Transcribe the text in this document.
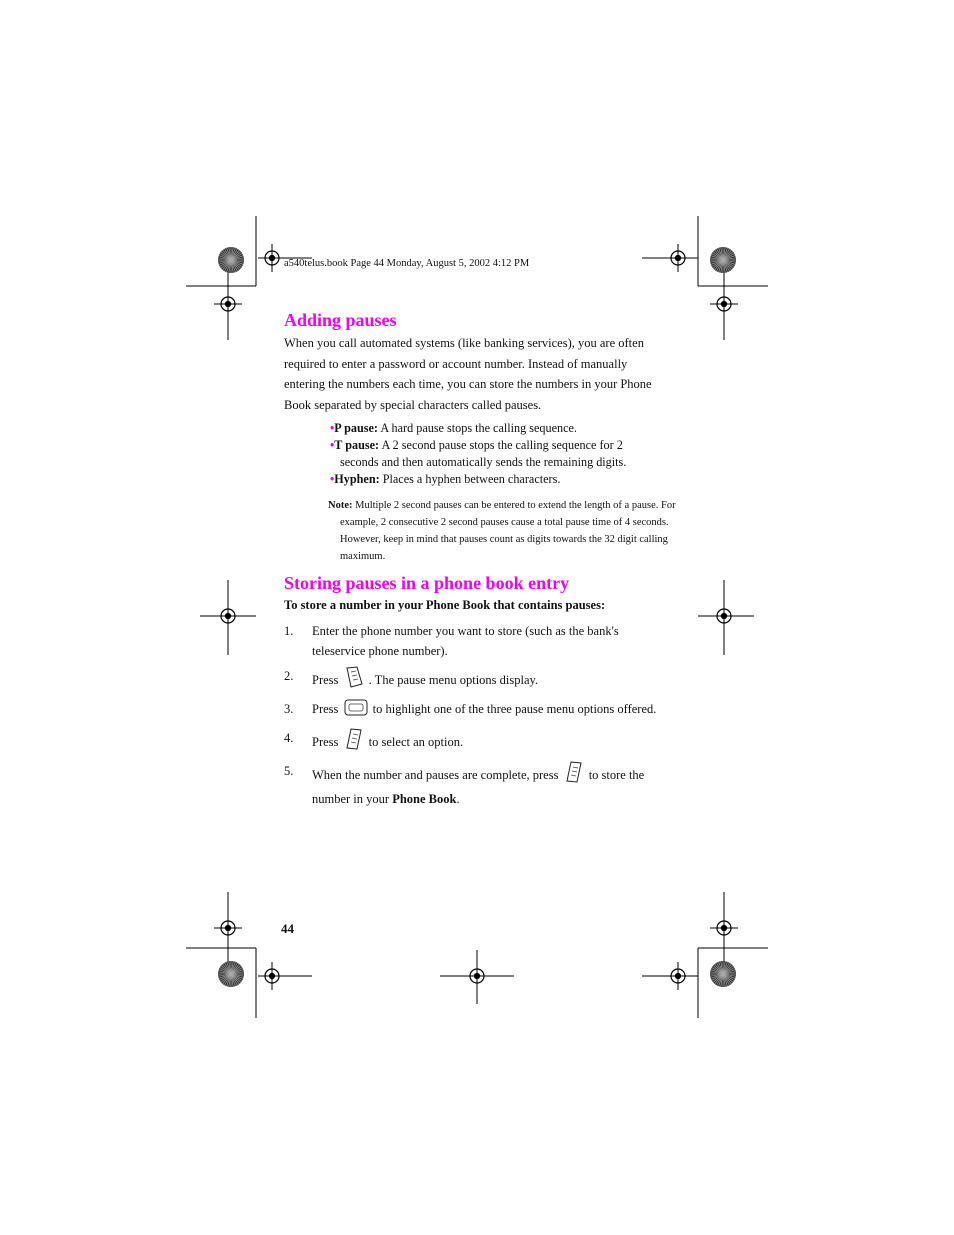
a540telus.book Page 44 Monday, August 5, 2002 4:12 PM
Adding pauses

When you call automated systems (like banking services), you are often required to enter a password or account number. Instead of manually entering the numbers each time, you can store the numbers in your Phone Book separated by special characters called pauses.

•P pause: A hard pause stops the calling sequence.

•T pause: A 2 second pause stops the calling sequence for 2 seconds and then automatically sends the remaining digits.

•Hyphen: Places a hyphen between characters.

Note: Multiple 2 second pauses can be entered to extend the length of a pause. For example, 2 consecutive 2 second pauses cause a total pause time of 4 seconds. However, keep in mind that pauses count as digits towards the 32 digit calling maximum.

Storing pauses in a phone book entry

To store a number in your Phone Book that contains pauses:

1. Enter the phone number you want to store (such as the bank's teleservice phone number).
2. Press  . The pause menu options display.
3. Press  to highlight one of the three pause menu options offered.
4. Press  to select an option.
5. When the number and pauses are complete, press  to store the number in your Phone Book.
44
